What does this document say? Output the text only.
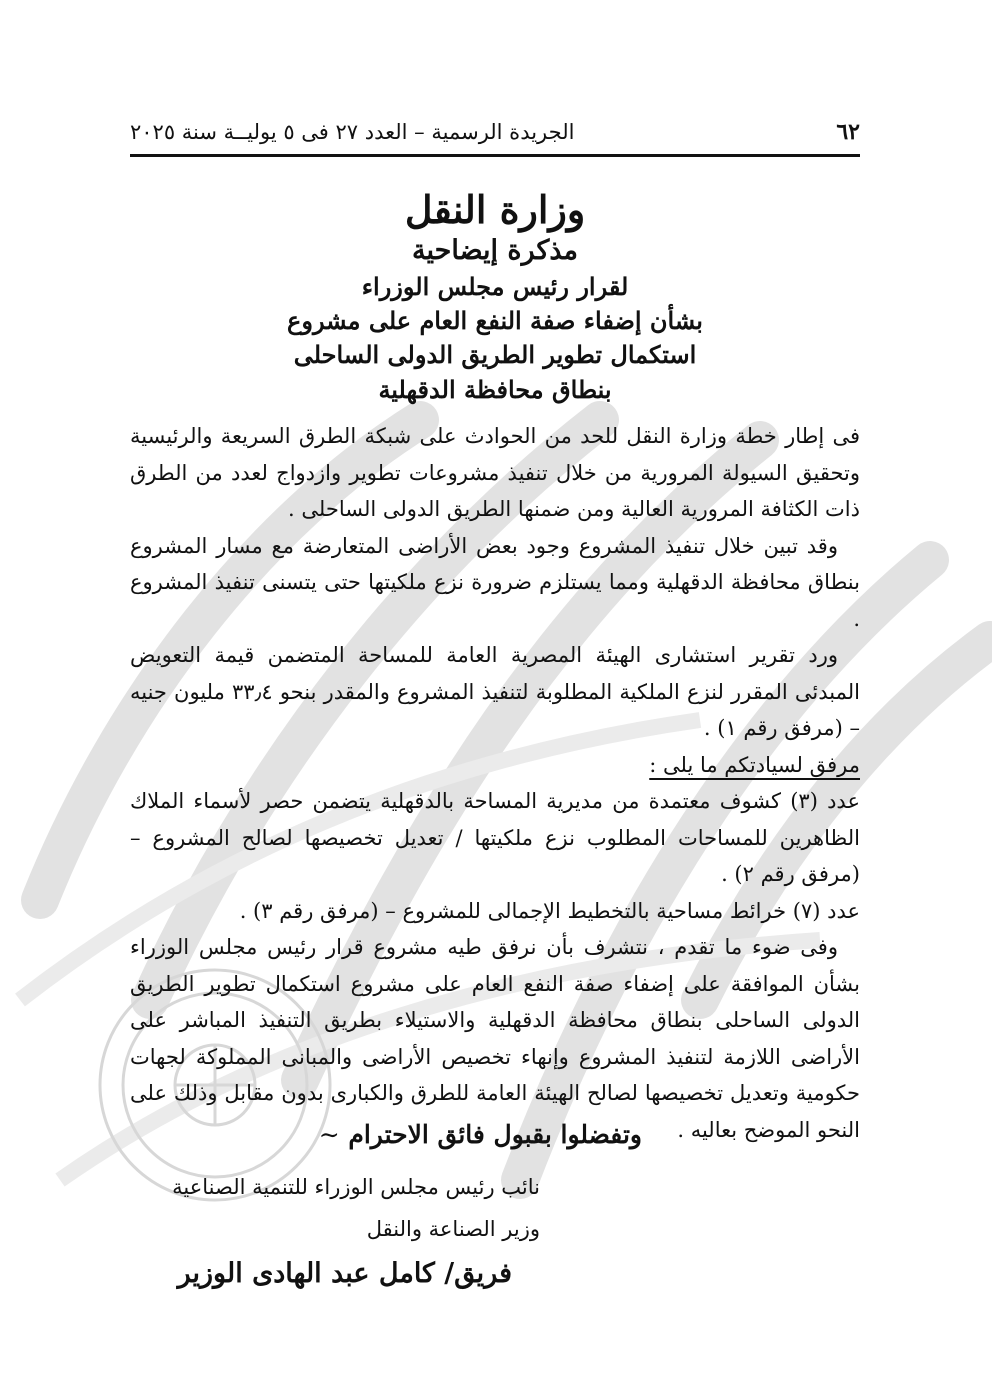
٦٢
الجريدة الرسمية – العدد ٢٧ فى ٥ يوليــة سنة ٢٠٢٥
وزارة النقل
مذكرة إيضاحية
لقرار رئيس مجلس الوزراء
بشأن إضفاء صفة النفع العام على مشروع
استكمال تطوير الطريق الدولى الساحلى
بنطاق محافظة الدقهلية
فى إطار خطة وزارة النقل للحد من الحوادث على شبكة الطرق السريعة والرئيسية وتحقيق السيولة المرورية من خلال تنفيذ مشروعات تطوير وازدواج لعدد من الطرق ذات الكثافة المرورية العالية ومن ضمنها الطريق الدولى الساحلى .
وقد تبين خلال تنفيذ المشروع وجود بعض الأراضى المتعارضة مع مسار المشروع بنطاق محافظة الدقهلية ومما يستلزم ضرورة نزع ملكيتها حتى يتسنى تنفيذ المشروع .
ورد تقرير استشارى الهيئة المصرية العامة للمساحة المتضمن قيمة التعويض المبدئى المقرر لنزع الملكية المطلوبة لتنفيذ المشروع والمقدر بنحو ٣٣٫٤ مليون جنيه – (مرفق رقم ١) .
مرفق لسيادتكم ما يلى :
عدد (٣) كشوف معتمدة من مديرية المساحة بالدقهلية يتضمن حصر لأسماء الملاك الظاهرين للمساحات المطلوب نزع ملكيتها / تعديل تخصيصها لصالح المشروع – (مرفق رقم ٢) .
عدد (٧) خرائط مساحية بالتخطيط الإجمالى للمشروع – (مرفق رقم ٣) .
وفى ضوء ما تقدم ، نتشرف بأن نرفق طيه مشروع قرار رئيس مجلس الوزراء بشأن الموافقة على إضفاء صفة النفع العام على مشروع استكمال تطوير الطريق الدولى الساحلى بنطاق محافظة الدقهلية والاستيلاء بطريق التنفيذ المباشر على الأراضى اللازمة لتنفيذ المشروع وإنهاء تخصيص الأراضى والمبانى المملوكة لجهات حكومية وتعديل تخصيصها لصالح الهيئة العامة للطرق والكبارى بدون مقابل وذلك على النحو الموضح بعاليه .
وتفضلوا بقبول فائق الاحترام ∽
نائب رئيس مجلس الوزراء للتنمية الصناعية
وزير الصناعة والنقل
فريق/ كامل عبد الهادى الوزير
